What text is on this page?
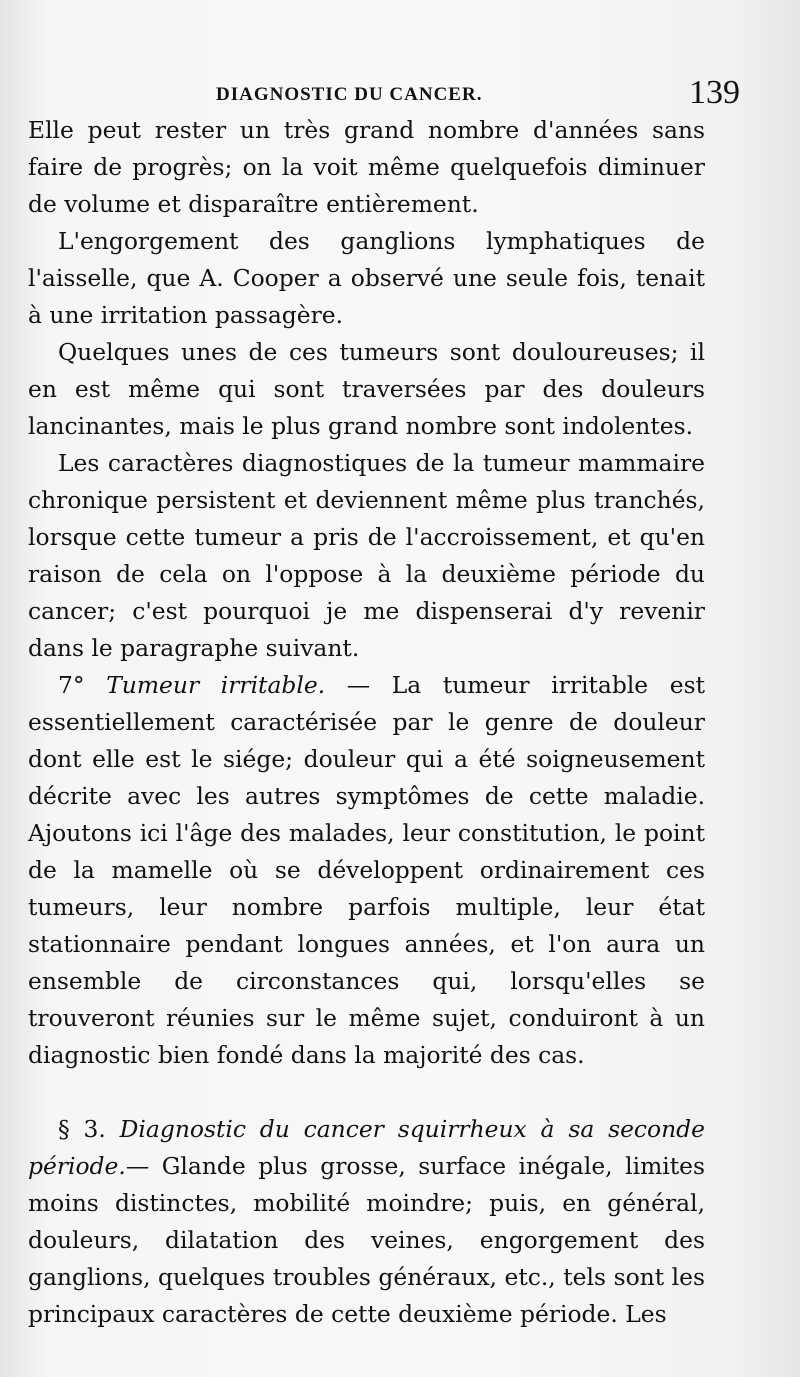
DIAGNOSTIC DU CANCER.	139

Elle peut rester un très grand nombre d'années sans faire de progrès; on la voit même quelquefois diminuer de volume et disparaître entièrement.

L'engorgement des ganglions lymphatiques de l'aisselle, que A. Cooper a observé une seule fois, tenait à une irritation passagère.

Quelques unes de ces tumeurs sont douloureuses; il en est même qui sont traversées par des douleurs lancinantes, mais le plus grand nombre sont indolentes.

Les caractères diagnostiques de la tumeur mammaire chronique persistent et deviennent même plus tranchés, lorsque cette tumeur a pris de l'accroissement, et qu'en raison de cela on l'oppose à la deuxième période du cancer; c'est pourquoi je me dispenserai d'y revenir dans le paragraphe suivant.

7° Tumeur irritable. — La tumeur irritable est essentiellement caractérisée par le genre de douleur dont elle est le siége; douleur qui a été soigneusement décrite avec les autres symptômes de cette maladie. Ajoutons ici l'âge des malades, leur constitution, le point de la mamelle où se développent ordinairement ces tumeurs, leur nombre parfois multiple, leur état stationnaire pendant longues années, et l'on aura un ensemble de circonstances qui, lorsqu'elles se trouveront réunies sur le même sujet, conduiront à un diagnostic bien fondé dans la majorité des cas.

§ 3. Diagnostic du cancer squirrheux à sa seconde période.— Glande plus grosse, surface inégale, limites moins distinctes, mobilité moindre; puis, en général, douleurs, dilatation des veines, engorgement des ganglions, quelques troubles généraux, etc., tels sont les principaux caractères de cette deuxième période. Les
